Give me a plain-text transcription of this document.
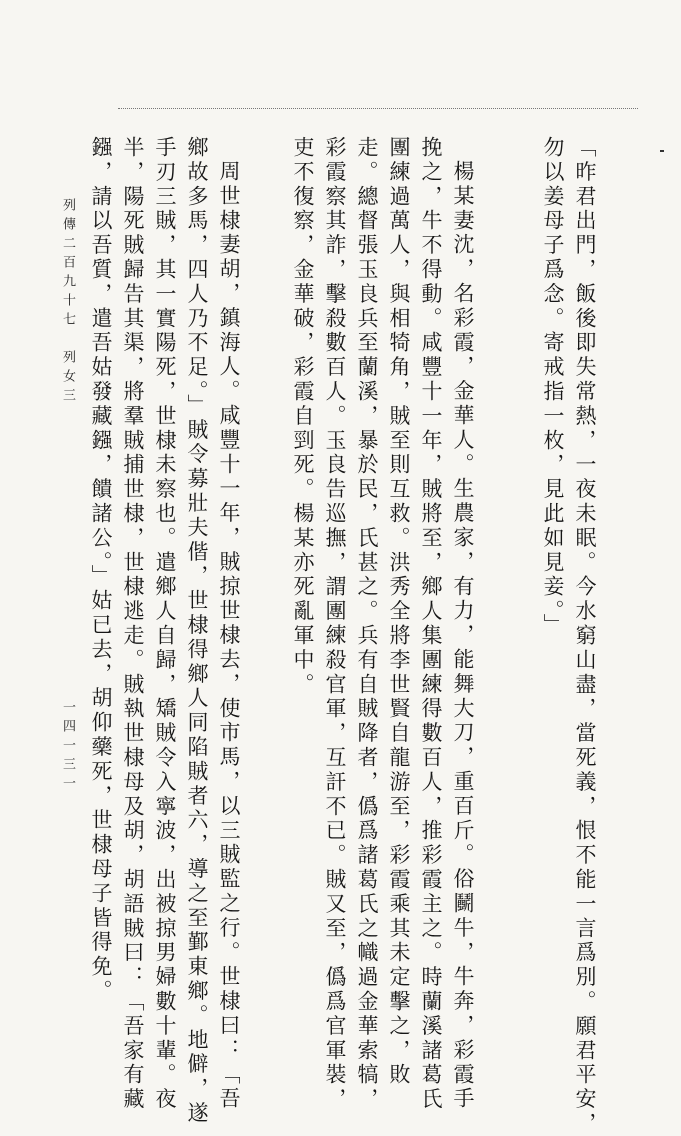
「昨君出門，飯後即失常熱，一夜未眠。今水窮山盡，當死義，恨不能一言爲別。願君平安，
勿以姜母子爲念。寄戒指一枚，見此如見妾。」
楊某妻沈，名彩霞，金華人。生農家，有力，能舞大刀，重百斤。俗鬭牛，牛奔，彩霞手
挽之，牛不得動。咸豐十一年，賊將至，鄉人集團練得數百人，推彩霞主之。時蘭溪諸葛氏
團練過萬人，與相犄角，賊至則互救。洪秀全將李世賢自龍游至，彩霞乘其未定擊之，敗
走。總督張玉良兵至蘭溪，暴於民，氏甚之。兵有自賊降者，僞爲諸葛氏之幟過金華索犒，
彩霞察其詐，擊殺數百人。玉良告巡撫，謂團練殺官軍，互訐不已。賊又至，僞爲官軍裝，
吏不復察，金華破，彩霞自剄死。楊某亦死亂軍中。
周世棣妻胡，鎮海人。咸豐十一年，賊掠世棣去，使市馬，以三賊監之行。世棣曰：「吾
鄉故多馬，四人乃不足。」賊令募壯夫偕，世棣得鄉人同陷賊者六，導之至鄞東鄉。地僻，遂
手刃三賊，其一實陽死，世棣未察也。遣鄉人自歸，矯賊令入寧波，出被掠男婦數十輩。夜
半，陽死賊歸告其渠，將羣賊捕世棣，世棣逃走。賊執世棣母及胡，胡語賊曰：「吾家有藏
鏹，請以吾質，遣吾姑發藏鏹，饋諸公。」姑已去，胡仰藥死，世棣母子皆得免。
列傳二百九十七　列女三
一四一三一
